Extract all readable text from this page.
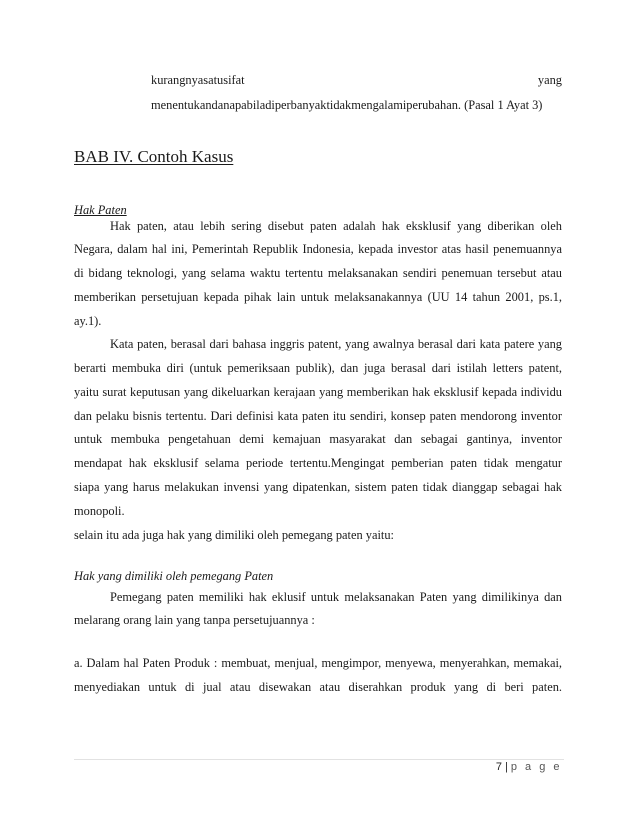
kurangnyasatusifat	yang
menentukandanapabiladiperbanyaktidakmengalamiperubahan. (Pasal 1 Ayat 3)
BAB IV. Contoh Kasus
Hak Paten
Hak paten, atau lebih sering disebut paten adalah hak eksklusif yang diberikan oleh
Negara, dalam hal ini, Pemerintah Republik Indonesia, kepada investor atas hasil penemuannya
di bidang teknologi, yang selama waktu tertentu melaksanakan sendiri penemuan tersebut atau
memberikan persetujuan kepada pihak lain untuk melaksanakannya (UU 14 tahun 2001, ps.1,
ay.1).
Kata paten, berasal dari bahasa inggris patent, yang awalnya berasal dari kata patere yang
berarti membuka diri (untuk pemeriksaan publik), dan juga berasal dari istilah letters patent,
yaitu surat keputusan yang dikeluarkan kerajaan yang memberikan hak eksklusif kepada individu
dan pelaku bisnis tertentu. Dari definisi kata paten itu sendiri, konsep paten mendorong inventor
untuk membuka pengetahuan demi kemajuan masyarakat dan sebagai gantinya, inventor
mendapat hak eksklusif selama periode tertentu.Mengingat pemberian paten tidak mengatur
siapa yang harus melakukan invensi yang dipatenkan, sistem paten tidak dianggap sebagai hak
monopoli.
selain itu ada juga hak yang dimiliki oleh pemegang paten yaitu:
Hak yang dimiliki oleh pemegang Paten
Pemegang paten memiliki hak eklusif untuk melaksanakan Paten yang dimilikinya dan
melarang orang lain yang tanpa persetujuannya :
a. Dalam hal Paten Produk : membuat, menjual, mengimpor, menyewa, menyerahkan, memakai,
menyediakan untuk di jual atau disewakan atau diserahkan produk yang di beri paten.
7 | p a g e
